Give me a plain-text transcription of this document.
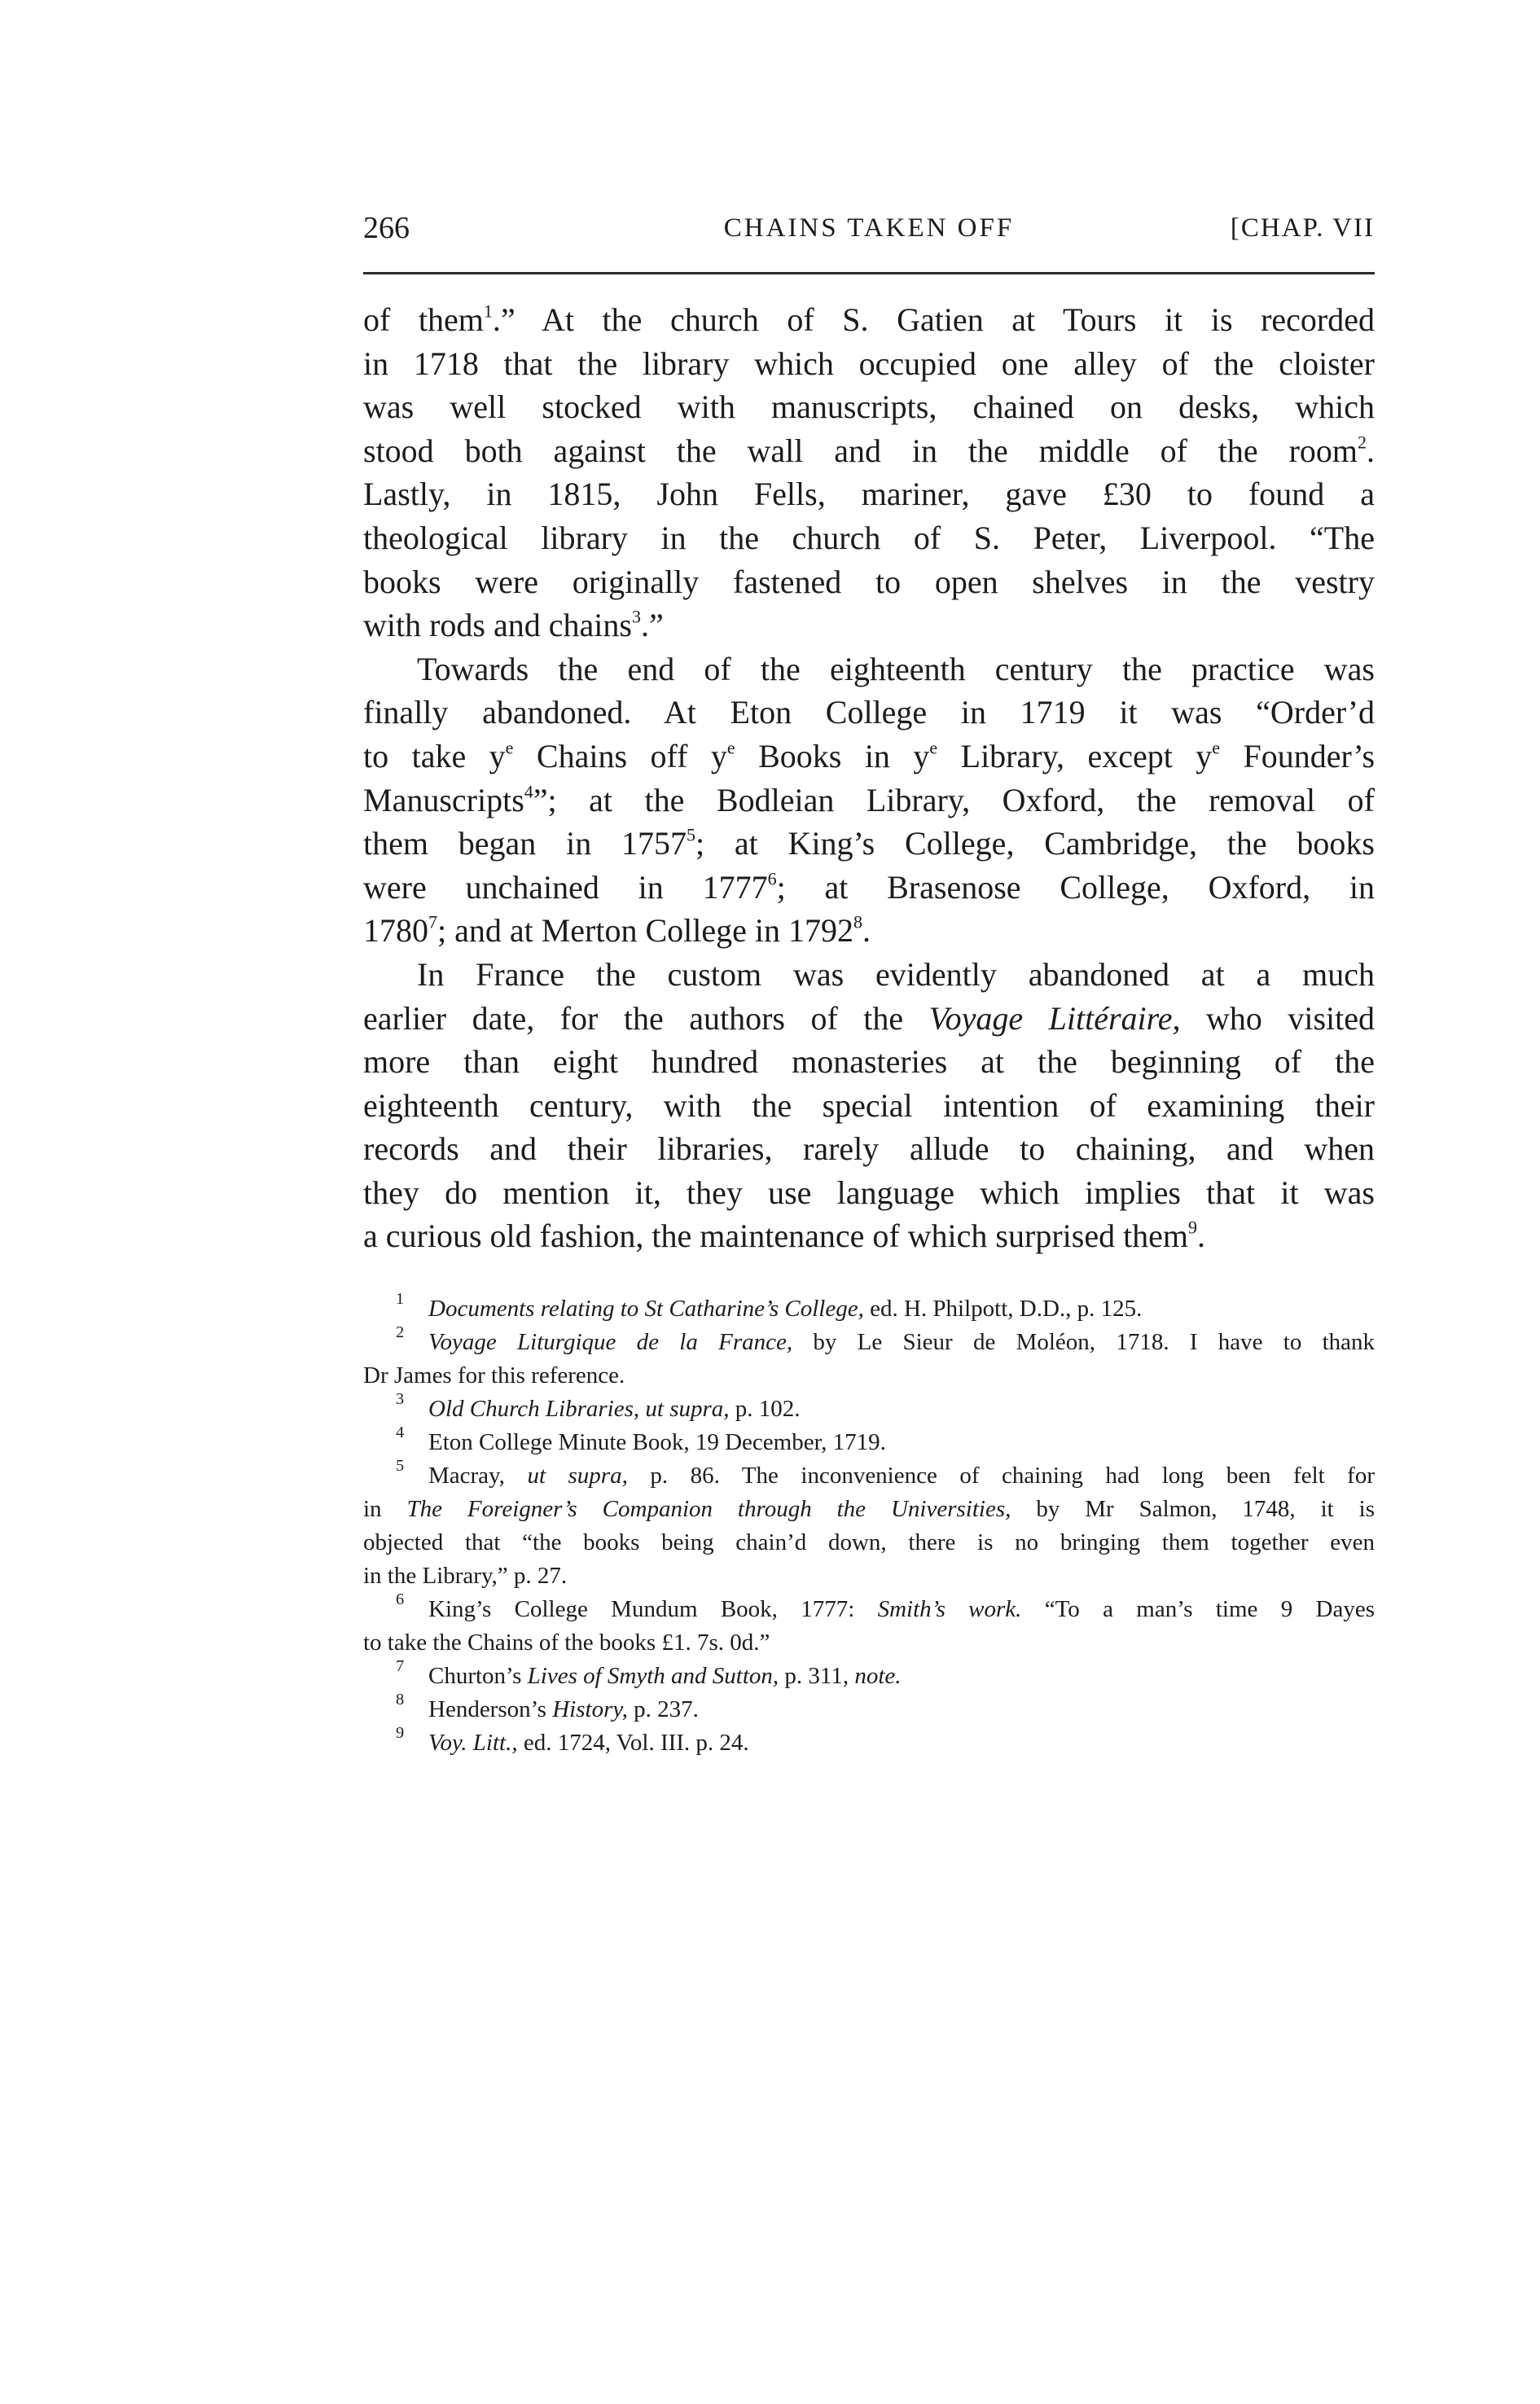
266	CHAINS TAKEN OFF	[CHAP. VII
of them$^1$.” At the church of S. Gatien at Tours it is recorded
in 1718 that the library which occupied one alley of the cloister
was well stocked with manuscripts, chained on desks, which
stood both against the wall and in the middle of the room$^2$.
Lastly, in 1815, John Fells, mariner, gave £30 to found a
theological library in the church of S. Peter, Liverpool. “The
books were originally fastened to open shelves in the vestry
with rods and chains$^3$.”
Towards the end of the eighteenth century the practice was
finally abandoned. At Eton College in 1719 it was “Order’d
to take $y^e$ Chains off $y^e$ Books in $y^e$ Library, except $y^e$ Founder’s
Manuscripts$^4$”; at the Bodleian Library, Oxford, the removal of
them began in 1757$^5$; at King’s College, Cambridge, the books
were unchained in 1777$^6$; at Brasenose College, Oxford, in
1780$^7$; and at Merton College in 1792$^8$.
In France the custom was evidently abandoned at a much
earlier date, for the authors of the Voyage Littéraire, who visited
more than eight hundred monasteries at the beginning of the
eighteenth century, with the special intention of examining their
records and their libraries, rarely allude to chaining, and when
they do mention it, they use language which implies that it was
a curious old fashion, the maintenance of which surprised them$^9$.
$^1$ Documents relating to St Catharine’s College, ed. H. Philpott, D.D., p. 125.
$^2$ Voyage Liturgique de la France, by Le Sieur de Moléon, 1718. I have to thank
Dr James for this reference.
$^3$ Old Church Libraries, ut supra, p. 102.
$^4$ Eton College Minute Book, 19 December, 1719.
$^5$ Macray, ut supra, p. 86. The inconvenience of chaining had long been felt for
in The Foreigner’s Companion through the Universities, by Mr Salmon, 1748, it is
objected that “the books being chain’d down, there is no bringing them together even
in the Library,” p. 27.
$^6$ King’s College Mundum Book, 1777: Smith’s work. “To a man’s time 9 Dayes
to take the Chains of the books £1. 7s. 0d.”
$^7$ Churton’s Lives of Smyth and Sutton, p. 311, note.
$^8$ Henderson’s History, p. 237.
$^9$ Voy. Litt., ed. 1724, Vol. III. p. 24.
